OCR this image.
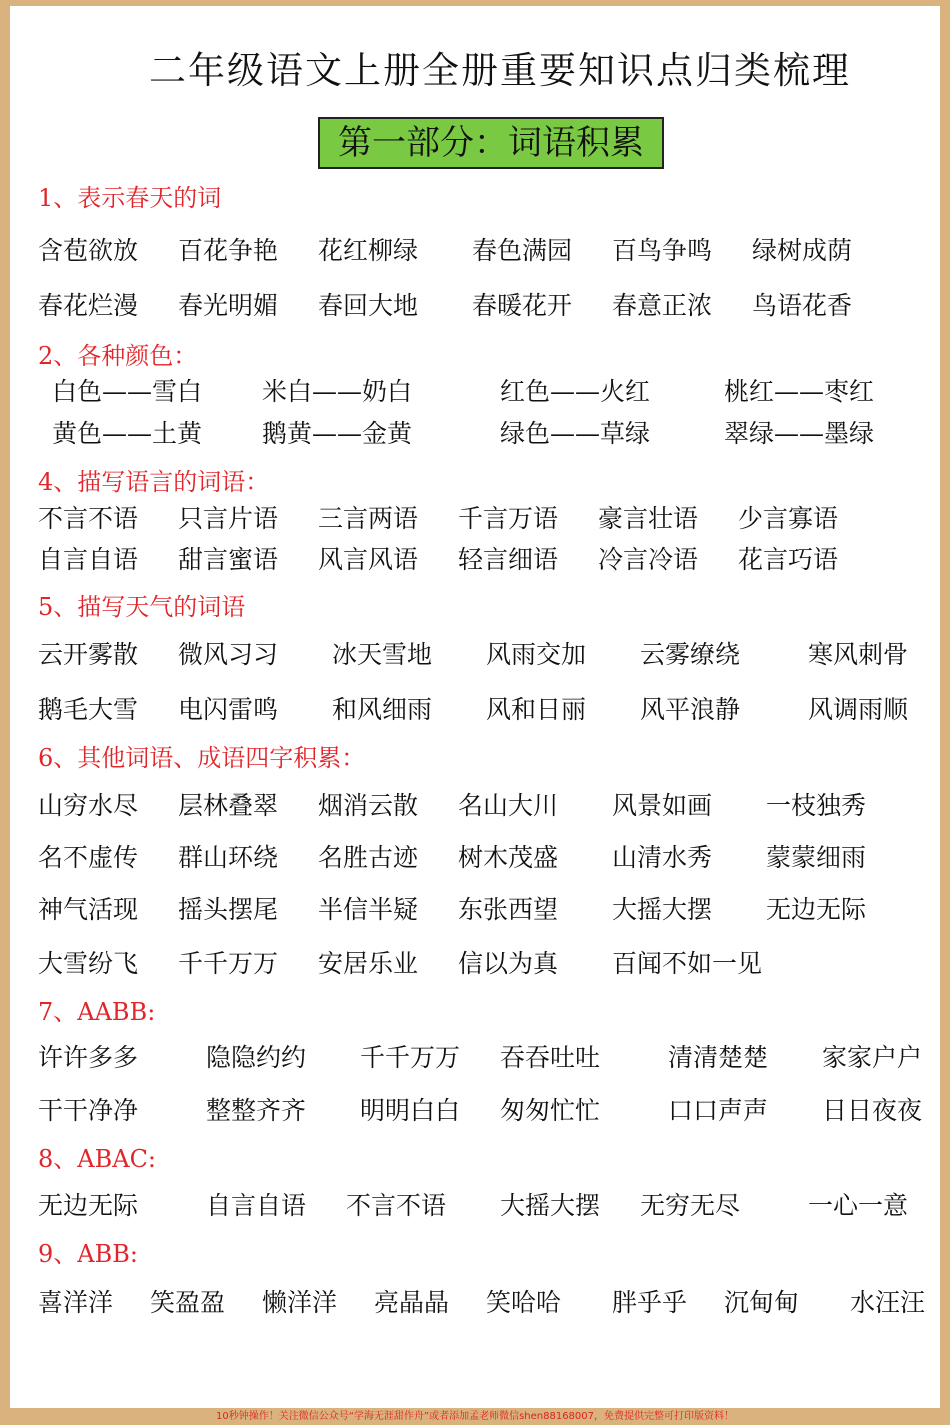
二年级语文上册全册重要知识点归类梳理
第一部分：词语积累
1、表示春天的词
含苞欲放 百花争艳 花红柳绿 春色满园 百鸟争鸣 绿树成荫
春花烂漫 春光明媚 春回大地 春暖花开 春意正浓 鸟语花香
2、各种颜色：
白色——雪白 米白——奶白	红色——火红	桃红——枣红
黄色——土黄 鹅黄——金黄	绿色——草绿	翠绿——墨绿
4、描写语言的词语：
不言不语 只言片语 三言两语 千言万语 豪言壮语 少言寡语
自言自语 甜言蜜语 风言风语 轻言细语 冷言冷语 花言巧语
5、描写天气的词语
云开雾散 微风习习 冰天雪地 风雨交加 云雾缭绕	寒风刺骨
鹅毛大雪 电闪雷鸣 和风细雨 风和日丽 风平浪静	风调雨顺
6、其他词语、成语四字积累：
山穷水尽 层林叠翠 烟消云散 名山大川 风景如画 一枝独秀
名不虚传 群山环绕 名胜古迹 树木茂盛 山清水秀 蒙蒙细雨
神气活现 摇头摆尾 半信半疑 东张西望 大摇大摆 无边无际
大雪纷飞 千千万万 安居乐业 信以为真 百闻不如一见
7、AABB:
许许多多	隐隐约约 千千万万 吞吞吐吐	清清楚楚 家家户户
干干净净	整整齐齐 明明白白 匆匆忙忙	口口声声 日日夜夜
8、ABAC:
无边无际	自言自语 不言不语 大摇大摆 无穷无尽	一心一意
9、ABB:
喜洋洋 笑盈盈 懒洋洋 亮晶晶 笑哈哈 胖乎乎 沉甸甸 水汪汪
10秒钟操作！关注微信公众号“学海无涯甜作舟”或者添加孟老师微信shen88168007，免费提供完整可打印版资料！
